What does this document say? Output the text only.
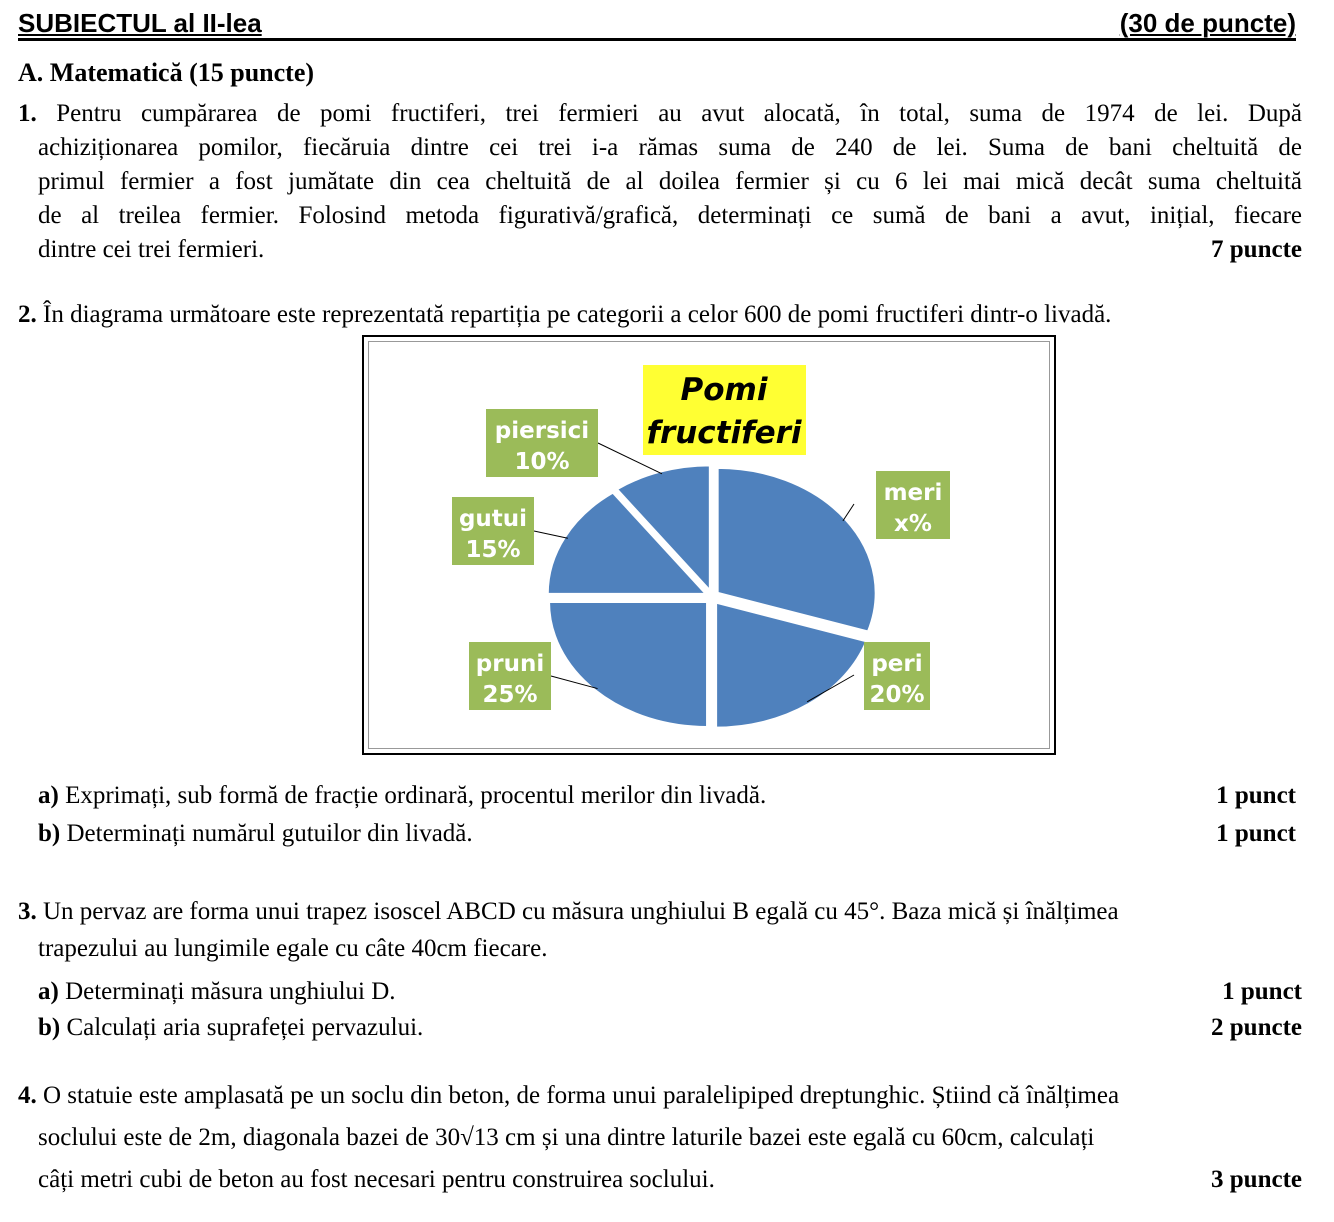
SUBIECTUL al II-lea	(30 de puncte)
A. Matematică (15 puncte)
1. Pentru cumpărarea de pomi fructiferi, trei fermieri au avut alocată, în total, suma de 1974 de lei. După
achiziționarea pomilor, fiecăruia dintre cei trei i-a rămas suma de 240 de lei. Suma de bani cheltuită de
primul fermier a fost jumătate din cea cheltuită de al doilea fermier și cu 6 lei mai mică decât suma cheltuită
de al treilea fermier. Folosind metoda figurativă/grafică, determinați ce sumă de bani a avut, inițial, fiecare
dintre cei trei fermieri.	7 puncte
2. În diagrama următoare este reprezentată repartiția pe categorii a celor 600 de pomi fructiferi dintr-o livadă.
Pomi
fructiferi
meri
x%
peri
20%
pruni
25%
gutui
15%
piersici
10%
a) Exprimați, sub formă de fracție ordinară, procentul merilor din livadă.	1 punct
b) Determinați numărul gutuilor din livadă.	1 punct
3. Un pervaz are forma unui trapez isoscel ABCD cu măsura unghiului B egală cu 45°. Baza mică și înălțimea
trapezului au lungimile egale cu câte 40cm fiecare.
a) Determinați măsura unghiului D.	1 punct
b) Calculați aria suprafeței pervazului.	2 puncte
4. O statuie este amplasată pe un soclu din beton, de forma unui paralelipiped dreptunghic. Știind că înălțimea
soclului este de 2m, diagonala bazei de 30√13 cm și una dintre laturile bazei este egală cu 60cm, calculați
câți metri cubi de beton au fost necesari pentru construirea soclului.	3 puncte
